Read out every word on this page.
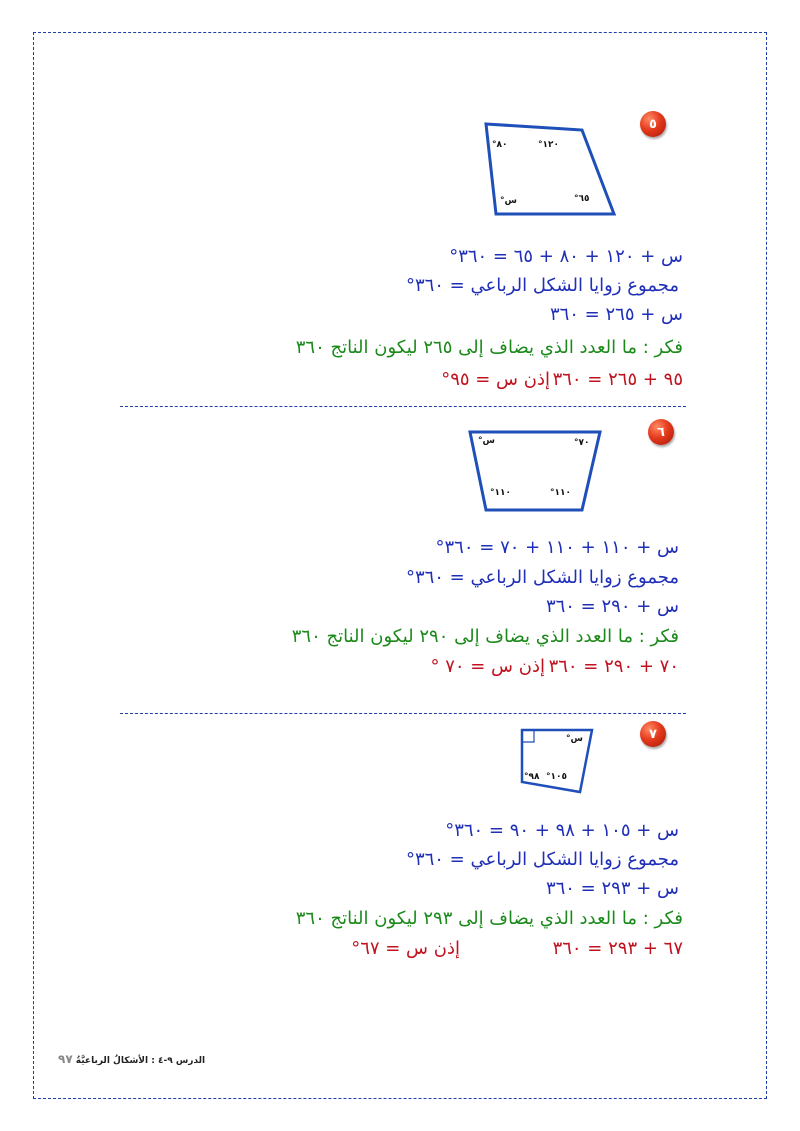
٥
١٢٠°
٨٠°
٦٥°
س°
س + ١٢٠ + ٨٠ + ٦٥ = ٣٦٠°
مجموع زوايا الشكل الرباعي = ٣٦٠°
س + ٢٦٥ = ٣٦٠
فكر : ما العدد الذي يضاف إلى ٢٦٥ ليكون الناتج ٣٦٠
٩٥ + ٢٦٥ = ٣٦٠
إذن س = ٩٥°
٦
٧٠°
س°
١١٠°
١١٠°
س + ١١٠ + ١١٠ + ٧٠ = ٣٦٠°
مجموع زوايا الشكل الرباعي = ٣٦٠°
س + ٢٩٠ = ٣٦٠
فكر : ما العدد الذي يضاف إلى ٢٩٠ ليكون الناتج ٣٦٠
٧٠ + ٢٩٠ = ٣٦٠
إذن س = ٧٠ °
٧
س°
١٠٥°
٩٨°
س + ١٠٥ + ٩٨ + ٩٠ = ٣٦٠°
مجموع زوايا الشكل الرباعي = ٣٦٠°
س + ٢٩٣ = ٣٦٠
فكر : ما العدد الذي يضاف إلى ٢٩٣ ليكون الناتج ٣٦٠
٦٧ + ٢٩٣ = ٣٦٠
إذن س = ٦٧°
الدرس ٩-٤ : الأشكالُ الرباعيَّةُ ٩٧
